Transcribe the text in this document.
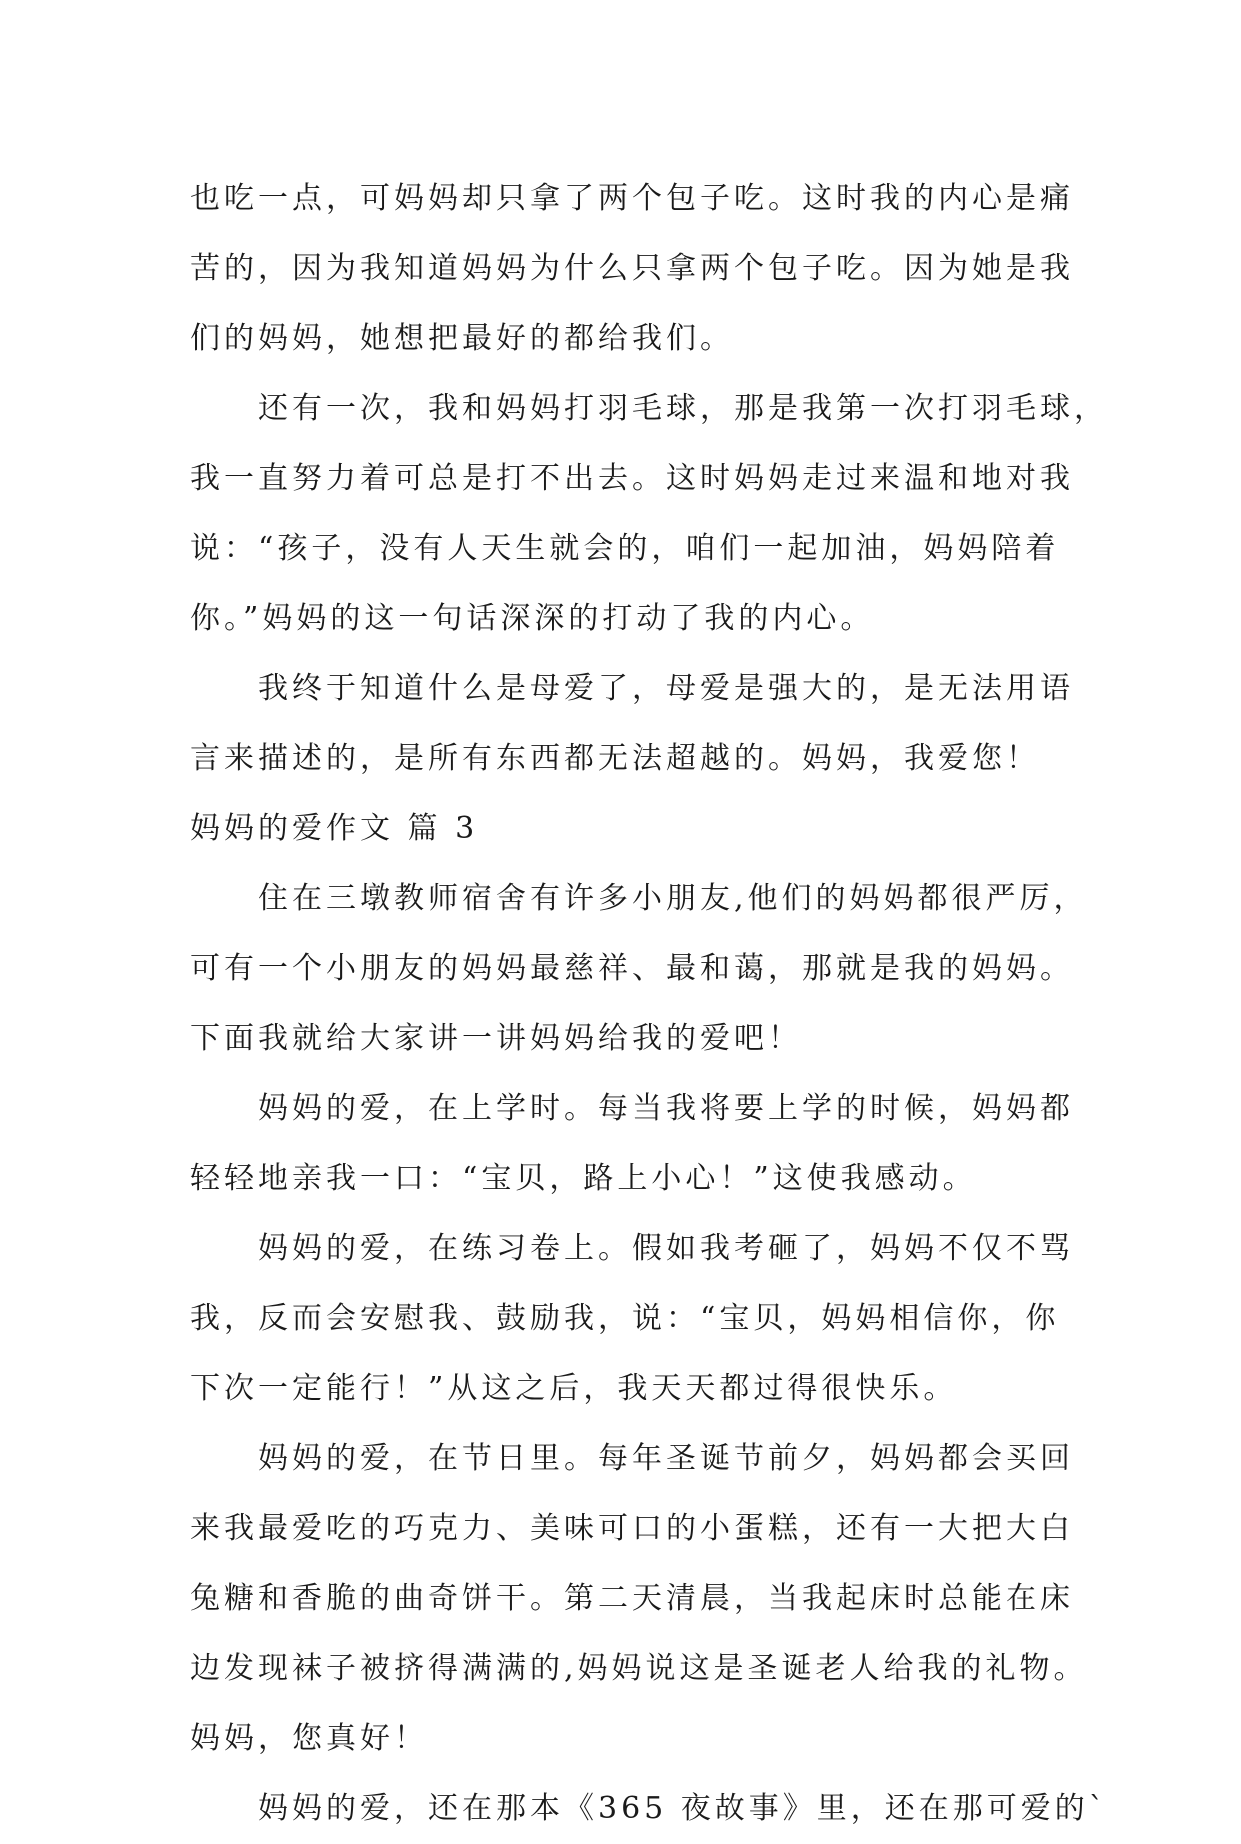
也吃一点，可妈妈却只拿了两个包子吃。这时我的内心是痛
苦的，因为我知道妈妈为什么只拿两个包子吃。因为她是我
们的妈妈，她想把最好的都给我们。
还有一次，我和妈妈打羽毛球，那是我第一次打羽毛球，
我一直努力着可总是打不出去。这时妈妈走过来温和地对我
说：“孩子，没有人天生就会的，咱们一起加油，妈妈陪着
你。”妈妈的这一句话深深的打动了我的内心。
我终于知道什么是母爱了，母爱是强大的，是无法用语
言来描述的，是所有东西都无法超越的。妈妈，我爱您！
妈妈的爱作文 篇 3
住在三墩教师宿舍有许多小朋友,他们的妈妈都很严厉，
可有一个小朋友的妈妈最慈祥、最和蔼，那就是我的妈妈。
下面我就给大家讲一讲妈妈给我的爱吧！
妈妈的爱，在上学时。每当我将要上学的时候，妈妈都
轻轻地亲我一口：“宝贝，路上小心！”这使我感动。
妈妈的爱，在练习卷上。假如我考砸了，妈妈不仅不骂
我，反而会安慰我、鼓励我，说：“宝贝，妈妈相信你，你
下次一定能行！”从这之后，我天天都过得很快乐。
妈妈的爱，在节日里。每年圣诞节前夕，妈妈都会买回
来我最爱吃的巧克力、美味可口的小蛋糕，还有一大把大白
兔糖和香脆的曲奇饼干。第二天清晨，当我起床时总能在床
边发现袜子被挤得满满的,妈妈说这是圣诞老人给我的礼物。
妈妈，您真好！
妈妈的爱，还在那本《365 夜故事》里，还在那可爱的`
